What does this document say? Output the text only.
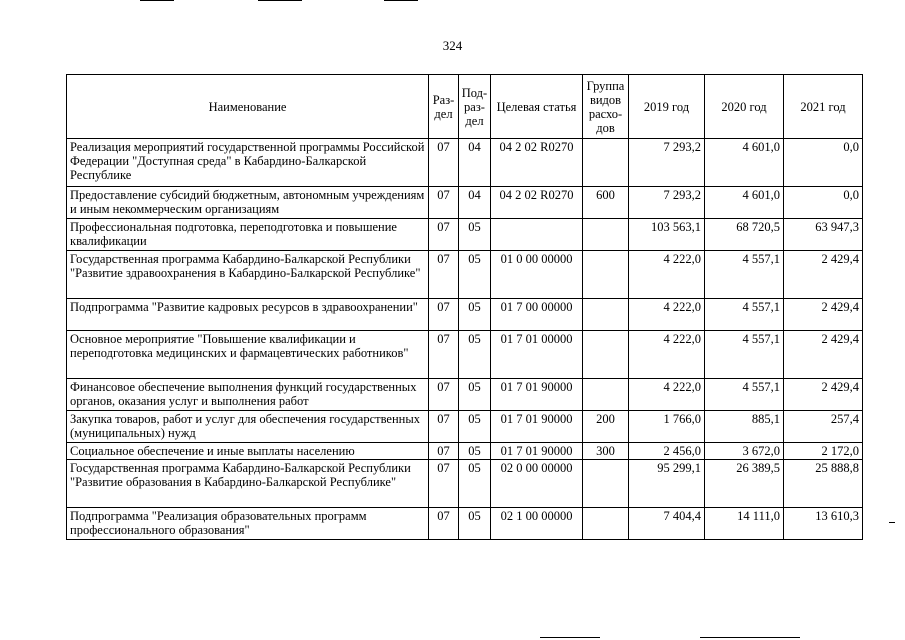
324
Наименование	Раз-дел	Под-раз-дел	Целевая статья	Группа видов расхо-дов	2019 год	2020 год	2021 год
Реализация мероприятий государственной программы Российской Федерации "Доступная среда" в Кабардино-Балкарской Республике	07	04	04 2 02 R0270		7 293,2	4 601,0	0,0
Предоставление субсидий бюджетным, автономным учреждениям и иным некоммерческим организациям	07	04	04 2 02 R0270	600	7 293,2	4 601,0	0,0
Профессиональная подготовка, переподготовка и повышение квалификации	07	05			103 563,1	68 720,5	63 947,3
Государственная программа Кабардино-Балкарской Республики "Развитие здравоохранения в Кабардино-Балкарской Республике"	07	05	01 0 00 00000		4 222,0	4 557,1	2 429,4
Подпрограмма "Развитие кадровых ресурсов в здравоохранении"	07	05	01 7 00 00000		4 222,0	4 557,1	2 429,4
Основное мероприятие "Повышение квалификации и переподготовка медицинских и фармацевтических работников"	07	05	01 7 01 00000		4 222,0	4 557,1	2 429,4
Финансовое обеспечение выполнения функций государственных органов, оказания услуг и выполнения работ	07	05	01 7 01 90000		4 222,0	4 557,1	2 429,4
Закупка товаров, работ и услуг для обеспечения государственных (муниципальных) нужд	07	05	01 7 01 90000	200	1 766,0	885,1	257,4
Социальное обеспечение и иные выплаты населению	07	05	01 7 01 90000	300	2 456,0	3 672,0	2 172,0
Государственная программа Кабардино-Балкарской Республики "Развитие образования в Кабардино-Балкарской Республике"	07	05	02 0 00 00000		95 299,1	26 389,5	25 888,8
Подпрограмма "Реализация образовательных программ профессионального образования"	07	05	02 1 00 00000		7 404,4	14 111,0	13 610,3
